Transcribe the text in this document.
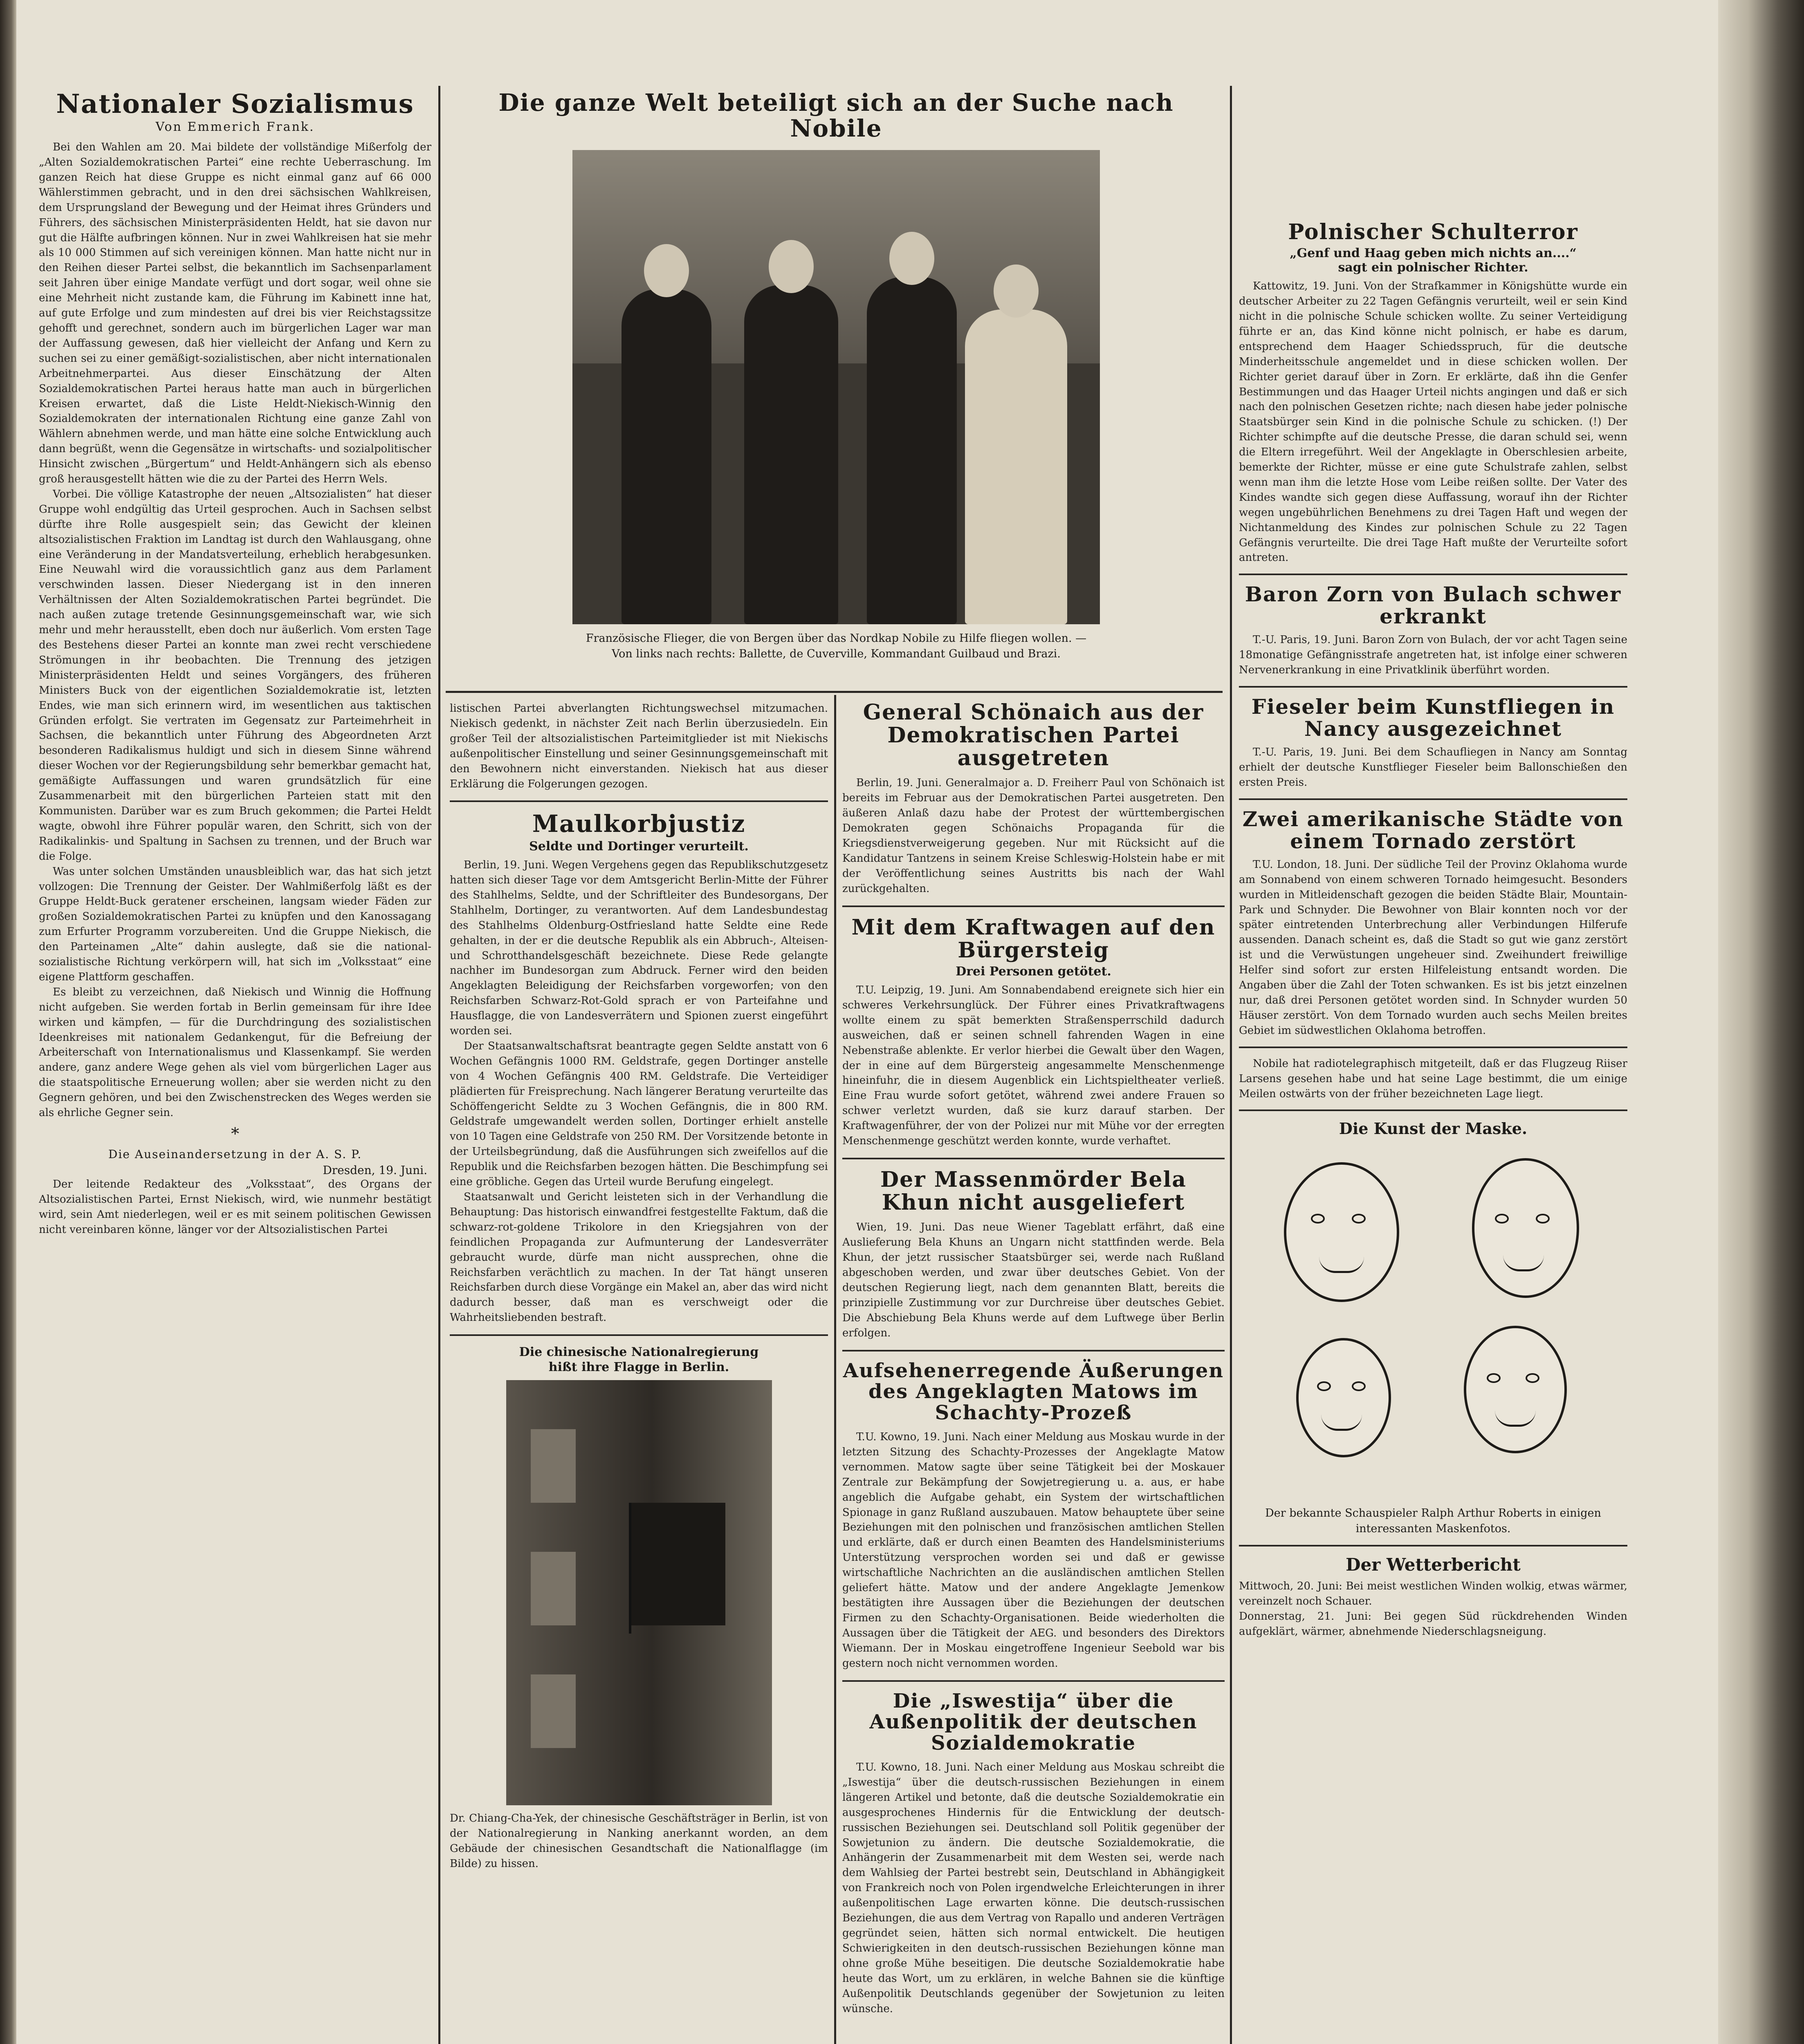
Nationaler Sozialismus
Von Emmerich Frank.

Bei den Wahlen am 20. Mai bildete der vollständige Mißerfolg der „Alten Sozialdemokratischen Partei“ eine rechte Ueberraschung. Im ganzen Reich hat diese Gruppe es nicht einmal ganz auf 66 000 Wählerstimmen gebracht, und in den drei sächsischen Wahlkreisen, dem Ursprungsland der Bewegung und der Heimat ihres Gründers und Führers, des sächsischen Ministerpräsidenten Heldt, hat sie davon nur gut die Hälfte aufbringen können. Nur in zwei Wahlkreisen hat sie mehr als 10 000 Stimmen auf sich vereinigen können. Man hatte nicht nur in den Reihen dieser Partei selbst, die bekanntlich im Sachsenparlament seit Jahren über einige Mandate verfügt und dort sogar, weil ohne sie eine Mehrheit nicht zustande kam, die Führung im Kabinett inne hat, auf gute Erfolge und zum mindesten auf drei bis vier Reichstagssitze gehofft und gerechnet, sondern auch im bürgerlichen Lager war man der Auffassung gewesen, daß hier vielleicht der Anfang und Kern zu suchen sei zu einer gemäßigt-sozialistischen, aber nicht internationalen Arbeitnehmerpartei. Aus dieser Einschätzung der Alten Sozialdemokratischen Partei heraus hatte man auch in bürgerlichen Kreisen erwartet, daß die Liste Heldt-Niekisch-Winnig den Sozialdemokraten der internationalen Richtung eine ganze Zahl von Wählern abnehmen werde, und man hätte eine solche Entwicklung auch dann begrüßt, wenn die Gegensätze in wirtschafts- und sozialpolitischer Hinsicht zwischen „Bürgertum“ und Heldt-Anhängern sich als ebenso groß herausgestellt hätten wie die zu der Partei des Herrn Wels.

Vorbei. Die völlige Katastrophe der neuen „Altsozialisten“ hat dieser Gruppe wohl endgültig das Urteil gesprochen. Auch in Sachsen selbst dürfte ihre Rolle ausgespielt sein; das Gewicht der kleinen altsozialistischen Fraktion im Landtag ist durch den Wahlausgang, ohne eine Veränderung in der Mandatsverteilung, erheblich herabgesunken. Eine Neuwahl wird die voraussichtlich ganz aus dem Parlament verschwinden lassen. Dieser Niedergang ist in den inneren Verhältnissen der Alten Sozialdemokratischen Partei begründet. Die nach außen zutage tretende Gesinnungsgemeinschaft war, wie sich mehr und mehr herausstellt, eben doch nur äußerlich. Vom ersten Tage des Bestehens dieser Partei an konnte man zwei recht verschiedene Strömungen in ihr beobachten. Die Trennung des jetzigen Ministerpräsidenten Heldt und seines Vorgängers, des früheren Ministers Buck von der eigentlichen Sozialdemokratie ist, letzten Endes, wie man sich erinnern wird, im wesentlichen aus taktischen Gründen erfolgt. Sie vertraten im Gegensatz zur Parteimehrheit in Sachsen, die bekanntlich unter Führung des Abgeordneten Arzt besonderen Radikalismus huldigt und sich in diesem Sinne während dieser Wochen vor der Regierungsbildung sehr bemerkbar gemacht hat, gemäßigte Auffassungen und waren grundsätzlich für eine Zusammenarbeit mit den bürgerlichen Parteien statt mit den Kommunisten. Darüber war es zum Bruch gekommen; die Partei Heldt wagte, obwohl ihre Führer populär waren, den Schritt, sich von der Radikalinkis- und Spaltung in Sachsen zu trennen, und der Bruch war die Folge.

Was unter solchen Umständen unausbleiblich war, das hat sich jetzt vollzogen: Die Trennung der Geister. Der Wahlmißerfolg läßt es der Gruppe Heldt-Buck geratener erscheinen, langsam wieder Fäden zur großen Sozialdemokratischen Partei zu knüpfen und den Kanossagang zum Erfurter Programm vorzubereiten. Und die Gruppe Niekisch, die den Parteinamen „Alte“ dahin auslegte, daß sie die national-sozialistische Richtung verkörpern will, hat sich im „Volksstaat“ eine eigene Plattform geschaffen.

Es bleibt zu verzeichnen, daß Niekisch und Winnig die Hoffnung nicht aufgeben. Sie werden fortab in Berlin gemeinsam für ihre Idee wirken und kämpfen, — für die Durchdringung des sozialistischen Ideenkreises mit nationalem Gedankengut, für die Befreiung der Arbeiterschaft von Internationalismus und Klassenkampf. Sie werden andere, ganz andere Wege gehen als viel vom bürgerlichen Lager aus die staatspolitische Erneuerung wollen; aber sie werden nicht zu den Gegnern gehören, und bei den Zwischenstrecken des Weges werden sie als ehrliche Gegner sein.

*
Die Auseinandersetzung in der A. S. P.
Dresden, 19. Juni.

Der leitende Redakteur des „Volksstaat“, des Organs der Altsozialistischen Partei, Ernst Niekisch, wird, wie nunmehr bestätigt wird, sein Amt niederlegen, weil er es mit seinem politischen Gewissen nicht vereinbaren könne, länger vor der Altsozialistischen Partei

Die ganze Welt beteiligt sich an der Suche nach Nobile
Französische Flieger, die von Bergen über das Nordkap Nobile zu Hilfe fliegen wollen. —
Von links nach rechts: Ballette, de Cuverville, Kommandant Guilbaud und Brazi.

listischen Partei abverlangten Richtungswechsel mitzumachen. Niekisch gedenkt, in nächster Zeit nach Berlin überzusiedeln. Ein großer Teil der altsozialistischen Parteimitglieder ist mit Niekischs außenpolitischer Einstellung und seiner Gesinnungsgemeinschaft mit den Bewohnern nicht einverstanden. Niekisch hat aus dieser Erklärung die Folgerungen gezogen.

Maulkorbjustiz
Seldte und Dortinger verurteilt.

Berlin, 19. Juni. Wegen Vergehens gegen das Republikschutzgesetz hatten sich dieser Tage vor dem Amtsgericht Berlin-Mitte der Führer des Stahlhelms, Seldte, und der Schriftleiter des Bundesorgans, Der Stahlhelm, Dortinger, zu verantworten. Auf dem Landesbundestag des Stahlhelms Oldenburg-Ostfriesland hatte Seldte eine Rede gehalten, in der er die deutsche Republik als ein Abbruch-, Alteisen- und Schrotthandelsgeschäft bezeichnete. Diese Rede gelangte nachher im Bundesorgan zum Abdruck. Ferner wird den beiden Angeklagten Beleidigung der Reichsfarben vorgeworfen; von den Reichsfarben Schwarz-Rot-Gold sprach er von Parteifahne und Hausflagge, die von Landesverrätern und Spionen zuerst eingeführt worden sei.

Der Staatsanwaltschaftsrat beantragte gegen Seldte anstatt von 6 Wochen Gefängnis 1000 RM. Geldstrafe, gegen Dortinger anstelle von 4 Wochen Gefängnis 400 RM. Geldstrafe. Die Verteidiger plädierten für Freisprechung. Nach längerer Beratung verurteilte das Schöffengericht Seldte zu 3 Wochen Gefängnis, die in 800 RM. Geldstrafe umgewandelt werden sollen, Dortinger erhielt anstelle von 10 Tagen eine Geldstrafe von 250 RM. Der Vorsitzende betonte in der Urteilsbegründung, daß die Ausführungen sich zweifellos auf die Republik und die Reichsfarben bezogen hätten. Die Beschimpfung sei eine gröbliche. Gegen das Urteil wurde Berufung eingelegt.

Staatsanwalt und Gericht leisteten sich in der Verhandlung die Behauptung: Das historisch einwandfrei festgestellte Faktum, daß die schwarz-rot-goldene Trikolore in den Kriegsjahren von der feindlichen Propaganda zur Aufmunterung der Landesverräter gebraucht wurde, dürfe man nicht aussprechen, ohne die Reichsfarben verächtlich zu machen. In der Tat hängt unseren Reichsfarben durch diese Vorgänge ein Makel an, aber das wird nicht dadurch besser, daß man es verschweigt oder die Wahrheitsliebenden bestraft.

Die chinesische Nationalregierung
hißt ihre Flagge in Berlin.

Dr. Chiang-Cha-Yek, der chinesische Geschäftsträger in Berlin, ist von der Nationalregierung in Nanking anerkannt worden, an dem Gebäude der chinesischen Gesandtschaft die Nationalflagge (im Bilde) zu hissen.

General Schönaich aus der Demokratischen Partei ausgetreten

Berlin, 19. Juni. Generalmajor a. D. Freiherr Paul von Schönaich ist bereits im Februar aus der Demokratischen Partei ausgetreten. Den äußeren Anlaß dazu habe der Protest der württembergischen Demokraten gegen Schönaichs Propaganda für die Kriegsdienstverweigerung gegeben. Nur mit Rücksicht auf die Kandidatur Tantzens in seinem Kreise Schleswig-Holstein habe er mit der Veröffentlichung seines Austritts bis nach der Wahl zurückgehalten.

Mit dem Kraftwagen auf den Bürgersteig
Drei Personen getötet.

T.U. Leipzig, 19. Juni. Am Sonnabendabend ereignete sich hier ein schweres Verkehrsunglück. Der Führer eines Privatkraftwagens wollte einem zu spät bemerkten Straßensperrschild dadurch ausweichen, daß er seinen schnell fahrenden Wagen in eine Nebenstraße ablenkte. Er verlor hierbei die Gewalt über den Wagen, der in eine auf dem Bürgersteig angesammelte Menschenmenge hineinfuhr, die in diesem Augenblick ein Lichtspieltheater verließ. Eine Frau wurde sofort getötet, während zwei andere Frauen so schwer verletzt wurden, daß sie kurz darauf starben. Der Kraftwagenführer, der von der Polizei nur mit Mühe vor der erregten Menschenmenge geschützt werden konnte, wurde verhaftet.

Der Massenmörder Bela Khun nicht ausgeliefert

Wien, 19. Juni. Das neue Wiener Tageblatt erfährt, daß eine Auslieferung Bela Khuns an Ungarn nicht stattfinden werde. Bela Khun, der jetzt russischer Staatsbürger sei, werde nach Rußland abgeschoben werden, und zwar über deutsches Gebiet. Von der deutschen Regierung liegt, nach dem genannten Blatt, bereits die prinzipielle Zustimmung vor zur Durchreise über deutsches Gebiet. Die Abschiebung Bela Khuns werde auf dem Luftwege über Berlin erfolgen.

Aufsehenerregende Äußerungen des Angeklagten Matows im Schachty-Prozeß

T.U. Kowno, 19. Juni. Nach einer Meldung aus Moskau wurde in der letzten Sitzung des Schachty-Prozesses der Angeklagte Matow vernommen. Matow sagte über seine Tätigkeit bei der Moskauer Zentrale zur Bekämpfung der Sowjetregierung u. a. aus, er habe angeblich die Aufgabe gehabt, ein System der wirtschaftlichen Spionage in ganz Rußland auszubauen. Matow behauptete über seine Beziehungen mit den polnischen und französischen amtlichen Stellen und erklärte, daß er durch einen Beamten des Handelsministeriums Unterstützung versprochen worden sei und daß er gewisse wirtschaftliche Nachrichten an die ausländischen amtlichen Stellen geliefert hätte. Matow und der andere Angeklagte Jemenkow bestätigten ihre Aussagen über die Beziehungen der deutschen Firmen zu den Schachty-Organisationen. Beide wiederholten die Aussagen über die Tätigkeit der AEG. und besonders des Direktors Wiemann. Der in Moskau eingetroffene Ingenieur Seebold war bis gestern noch nicht vernommen worden.

Die „Iswestija“ über die Außenpolitik der deutschen Sozialdemokratie

T.U. Kowno, 18. Juni. Nach einer Meldung aus Moskau schreibt die „Iswestija“ über die deutsch-russischen Beziehungen in einem längeren Artikel und betonte, daß die deutsche Sozialdemokratie ein ausgesprochenes Hindernis für die Entwicklung der deutsch-russischen Beziehungen sei. Deutschland soll Politik gegenüber der Sowjetunion zu ändern. Die deutsche Sozialdemokratie, die Anhängerin der Zusammenarbeit mit dem Westen sei, werde nach dem Wahlsieg der Partei bestrebt sein, Deutschland in Abhängigkeit von Frankreich noch von Polen irgendwelche Erleichterungen in ihrer außenpolitischen Lage erwarten könne. Die deutsch-russischen Beziehungen, die aus dem Vertrag von Rapallo und anderen Verträgen gegründet seien, hätten sich normal entwickelt. Die heutigen Schwierigkeiten in den deutsch-russischen Beziehungen könne man ohne große Mühe beseitigen. Die deutsche Sozialdemokratie habe heute das Wort, um zu erklären, in welche Bahnen sie die künftige Außenpolitik Deutschlands gegenüber der Sowjetunion zu leiten wünsche.

Polnischer Schulterror
„Genf und Haag geben mich nichts an....“
sagt ein polnischer Richter.

Kattowitz, 19. Juni. Von der Strafkammer in Königshütte wurde ein deutscher Arbeiter zu 22 Tagen Gefängnis verurteilt, weil er sein Kind nicht in die polnische Schule schicken wollte. Zu seiner Verteidigung führte er an, das Kind könne nicht polnisch, er habe es darum, entsprechend dem Haager Schiedsspruch, für die deutsche Minderheitsschule angemeldet und in diese schicken wollen. Der Richter geriet darauf über in Zorn. Er erklärte, daß ihn die Genfer Bestimmungen und das Haager Urteil nichts angingen und daß er sich nach den polnischen Gesetzen richte; nach diesen habe jeder polnische Staatsbürger sein Kind in die polnische Schule zu schicken. (!) Der Richter schimpfte auf die deutsche Presse, die daran schuld sei, wenn die Eltern irregeführt. Weil der Angeklagte in Oberschlesien arbeite, bemerkte der Richter, müsse er eine gute Schulstrafe zahlen, selbst wenn man ihm die letzte Hose vom Leibe reißen sollte. Der Vater des Kindes wandte sich gegen diese Auffassung, worauf ihn der Richter wegen ungebührlichen Benehmens zu drei Tagen Haft und wegen der Nichtanmeldung des Kindes zur polnischen Schule zu 22 Tagen Gefängnis verurteilte. Die drei Tage Haft mußte der Verurteilte sofort antreten.

Baron Zorn von Bulach schwer erkrankt

T.-U. Paris, 19. Juni. Baron Zorn von Bulach, der vor acht Tagen seine 18monatige Gefängnisstrafe angetreten hat, ist infolge einer schweren Nervenerkrankung in eine Privatklinik überführt worden.

Fieseler beim Kunstfliegen in Nancy ausgezeichnet

T.-U. Paris, 19. Juni. Bei dem Schaufliegen in Nancy am Sonntag erhielt der deutsche Kunstflieger Fieseler beim Ballonschießen den ersten Preis.

Zwei amerikanische Städte von einem Tornado zerstört

T.U. London, 18. Juni. Der südliche Teil der Provinz Oklahoma wurde am Sonnabend von einem schweren Tornado heimgesucht. Besonders wurden in Mitleidenschaft gezogen die beiden Städte Blair, Mountain-Park und Schnyder. Die Bewohner von Blair konnten noch vor der später eintretenden Unterbrechung aller Verbindungen Hilferufe aussenden. Danach scheint es, daß die Stadt so gut wie ganz zerstört ist und die Verwüstungen ungeheuer sind. Zweihundert freiwillige Helfer sind sofort zur ersten Hilfeleistung entsandt worden. Die Angaben über die Zahl der Toten schwanken. Es ist bis jetzt einzelnen nur, daß drei Personen getötet worden sind. In Schnyder wurden 50 Häuser zerstört. Von dem Tornado wurden auch sechs Meilen breites Gebiet im südwestlichen Oklahoma betroffen.

Nobile hat radiotelegraphisch mitgeteilt, daß er das Flugzeug Riiser Larsens gesehen habe und hat seine Lage bestimmt, die um einige Meilen ostwärts von der früher bezeichneten Lage liegt.

Die Kunst der Maske.
Der bekannte Schauspieler Ralph Arthur Roberts in einigen interessanten Maskenfotos.
Der Wetterbericht

Mittwoch, 20. Juni: Bei meist westlichen Winden wolkig, etwas wärmer, vereinzelt noch Schauer.

Donnerstag, 21. Juni: Bei gegen Süd rückdrehenden Winden aufgeklärt, wärmer, abnehmende Niederschlagsneigung.
